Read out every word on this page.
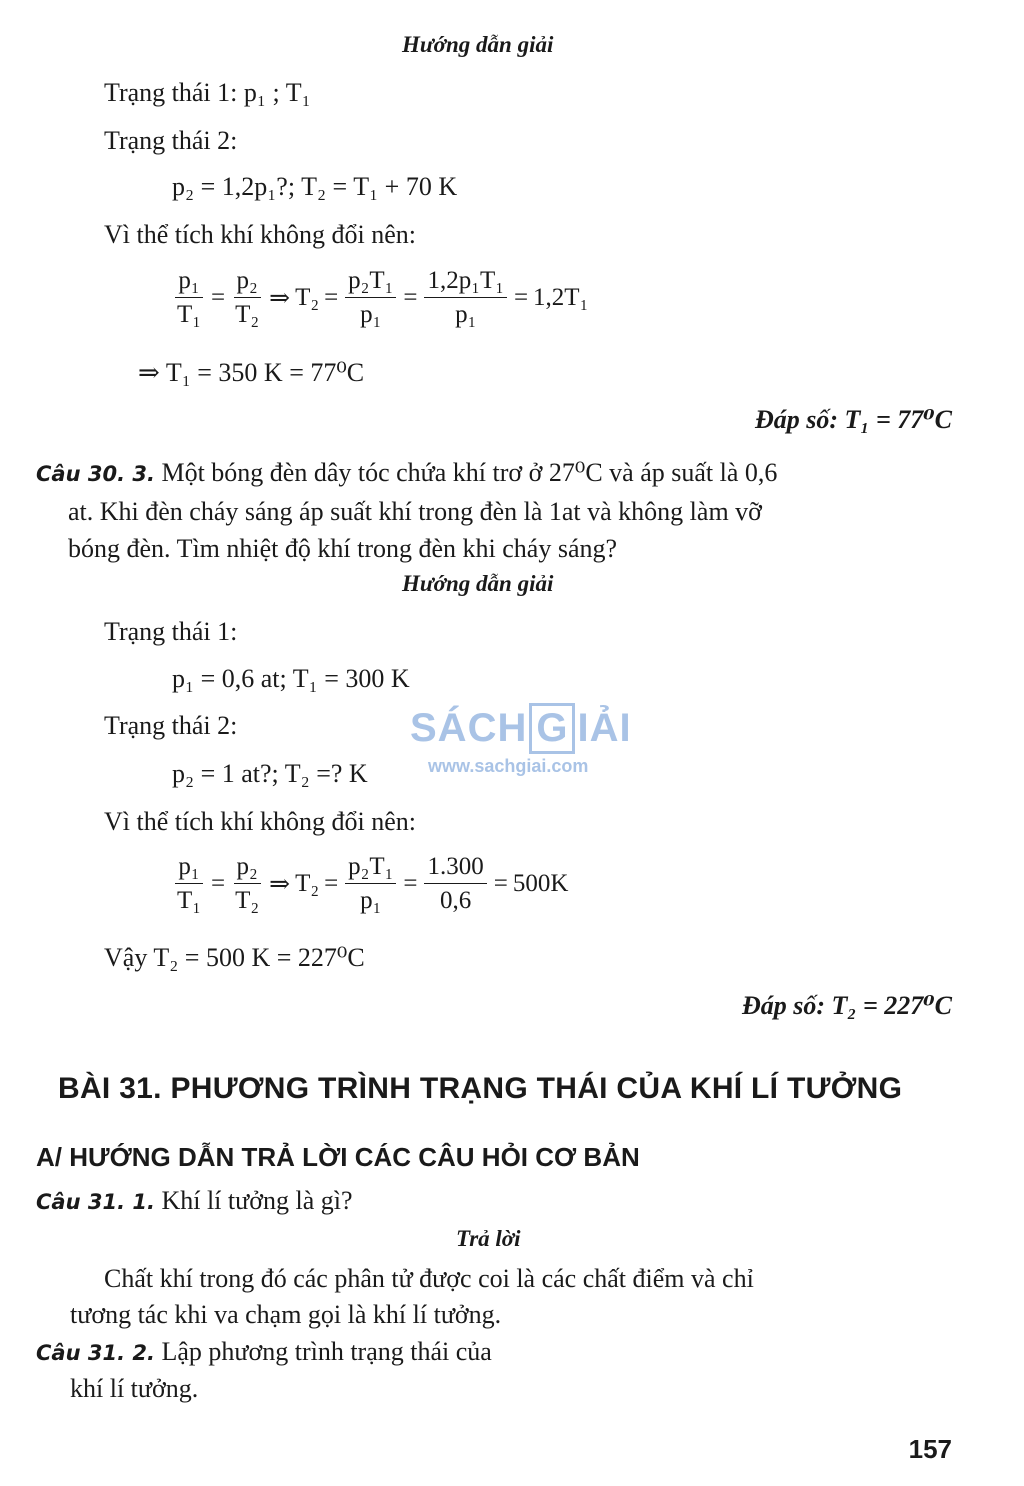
Hướng dẫn giải
Trạng thái 1: p₁ ; T₁
Trạng thái 2:
p₂ = 1,2p₁?; T₂ = T₁ + 70 K
Vì thể tích khí không đổi nên:
$\frac{\text{p₁}}{\text{T₁}} = \frac{\text{p₂}}{\text{T₂}}$ ⇒ $T_2 = \frac{\text{p₂T₁}}{\text{p₁}} = \frac{\text{1,2p₁T₁}}{\text{p₁}} = 1,2T_1$
⇒ T₁ = 350 K = 77⁰C
Đáp số: T₁ = 77⁰C
Câu 30. 3. Một bóng đèn dây tóc chứa khí trơ ở 27⁰C và áp suất là 0,6
at. Khi đèn cháy sáng áp suất khí trong đèn là 1at và không làm vỡ
bóng đèn. Tìm nhiệt độ khí trong đèn khi cháy sáng?
Hướng dẫn giải
Trạng thái 1:
p₁ = 0,6 at; T₁ = 300 K
Trạng thái 2:
p₂ = 1 at?; T₂ =? K
Vì thể tích khí không đổi nên:
$\frac{\text{p₁}}{\text{T₁}} = \frac{\text{p₂}}{\text{T₂}}$ ⇒ $T_2 = \frac{\text{p₂T₁}}{\text{p₁}} = \frac{1.300}{0,6} = 500K$
Vậy T₂ = 500 K = 227⁰C
Đáp số: T₂ = 227⁰C
SÁCH G IẢI
www.sachgiai.com
BÀI 31. PHƯƠNG TRÌNH TRẠNG THÁI CỦA KHÍ LÍ TƯỞNG
A/ HƯỚNG DẪN TRẢ LỜI CÁC CÂU HỎI CƠ BẢN
Câu 31. 1. Khí lí tưởng là gì?
Trả lời
Chất khí trong đó các phân tử được coi là các chất điểm và chỉ
tương tác khi va chạm gọi là khí lí tưởng.
Câu 31. 2. Lập phương trình trạng thái của
khí lí tưởng.
157
